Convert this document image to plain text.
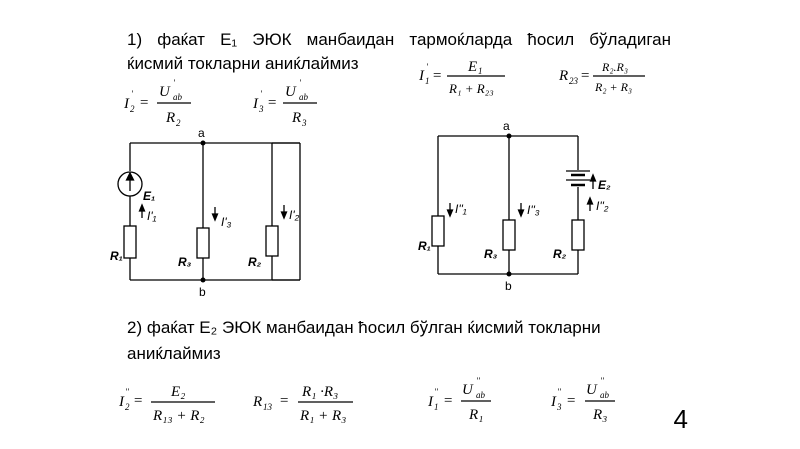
1) фаќат E₁ ЭЮК манбаидан тармоќларда ћосил бўладиган
ќисмий токларни аниќлаймиз
2) фаќат E₂ ЭЮК манбаидан ћосил бўлган ќисмий токларни
аниќлаймиз
4
I 2
'
=
U ab
'
R 2
I 3
'
=
U ab
'
R 3
I 1
'
=
E 1
R₁ + R₂₃
R 23 =
R₂.R₃
R₂ + R₃
I 2
''
=
E₂
R₁₃ + R₂
R 13 =
R₁ ·R₃
R₁ + R₃
I 1
''
=
U ab
''
R₁
I 3
''
=
U ab
''
R₃
a
b
E₁
I'₁	I'₃	I'₂
R₁	R₃	R₂
a
b
E₂
I''₁	I''₃	I''₂
R₁
R₃	R₂
